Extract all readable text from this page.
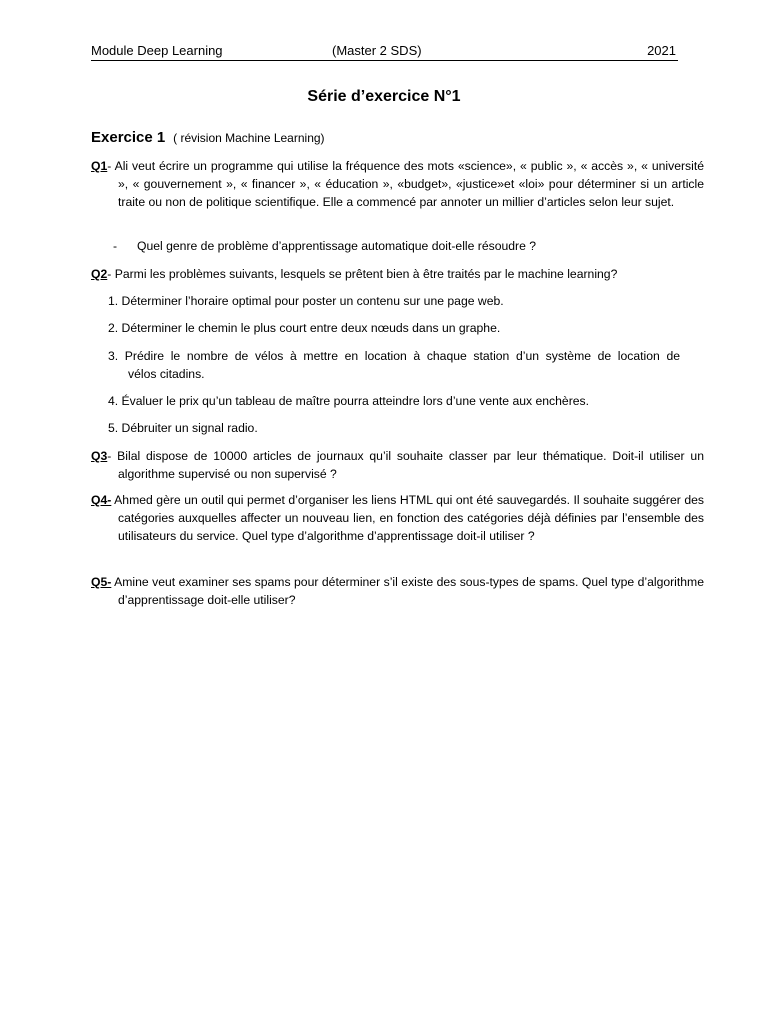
Module Deep Learning	(Master 2 SDS)	2021
Série d’exercice N°1
Exercice 1 ( révision Machine Learning)
Q1- Ali veut écrire un programme qui utilise la fréquence des mots «science», « public », « accès », « université », « gouvernement », « financer », « éducation », «budget», «justice»et «loi» pour déterminer si un article traite ou non de politique scientifique. Elle a commencé par annoter un millier d’articles selon leur sujet.
- Quel genre de problème d’apprentissage automatique doit-elle résoudre ?
Q2- Parmi les problèmes suivants, lesquels se prêtent bien à être traités par le machine learning?
1. Déterminer l’horaire optimal pour poster un contenu sur une page web.
2. Déterminer le chemin le plus court entre deux nœuds dans un graphe.
3. Prédire le nombre de vélos à mettre en location à chaque station d’un système de location de
vélos citadins.
4. Évaluer le prix qu’un tableau de maître pourra atteindre lors d’une vente aux enchères.
5. Débruiter un signal radio.
Q3- Bilal dispose de 10000 articles de journaux qu’il souhaite classer par leur thématique. Doit-il utiliser un algorithme supervisé ou non supervisé ?
Q4- Ahmed gère un outil qui permet d’organiser les liens HTML qui ont été sauvegardés. Il souhaite suggérer des catégories auxquelles affecter un nouveau lien, en fonction des catégories déjà définies par l’ensemble des utilisateurs du service. Quel type d’algorithme d’apprentissage doit-il utiliser ?
Q5- Amine veut examiner ses spams pour déterminer s’il existe des sous-types de spams. Quel type d’algorithme d’apprentissage doit-elle utiliser?
